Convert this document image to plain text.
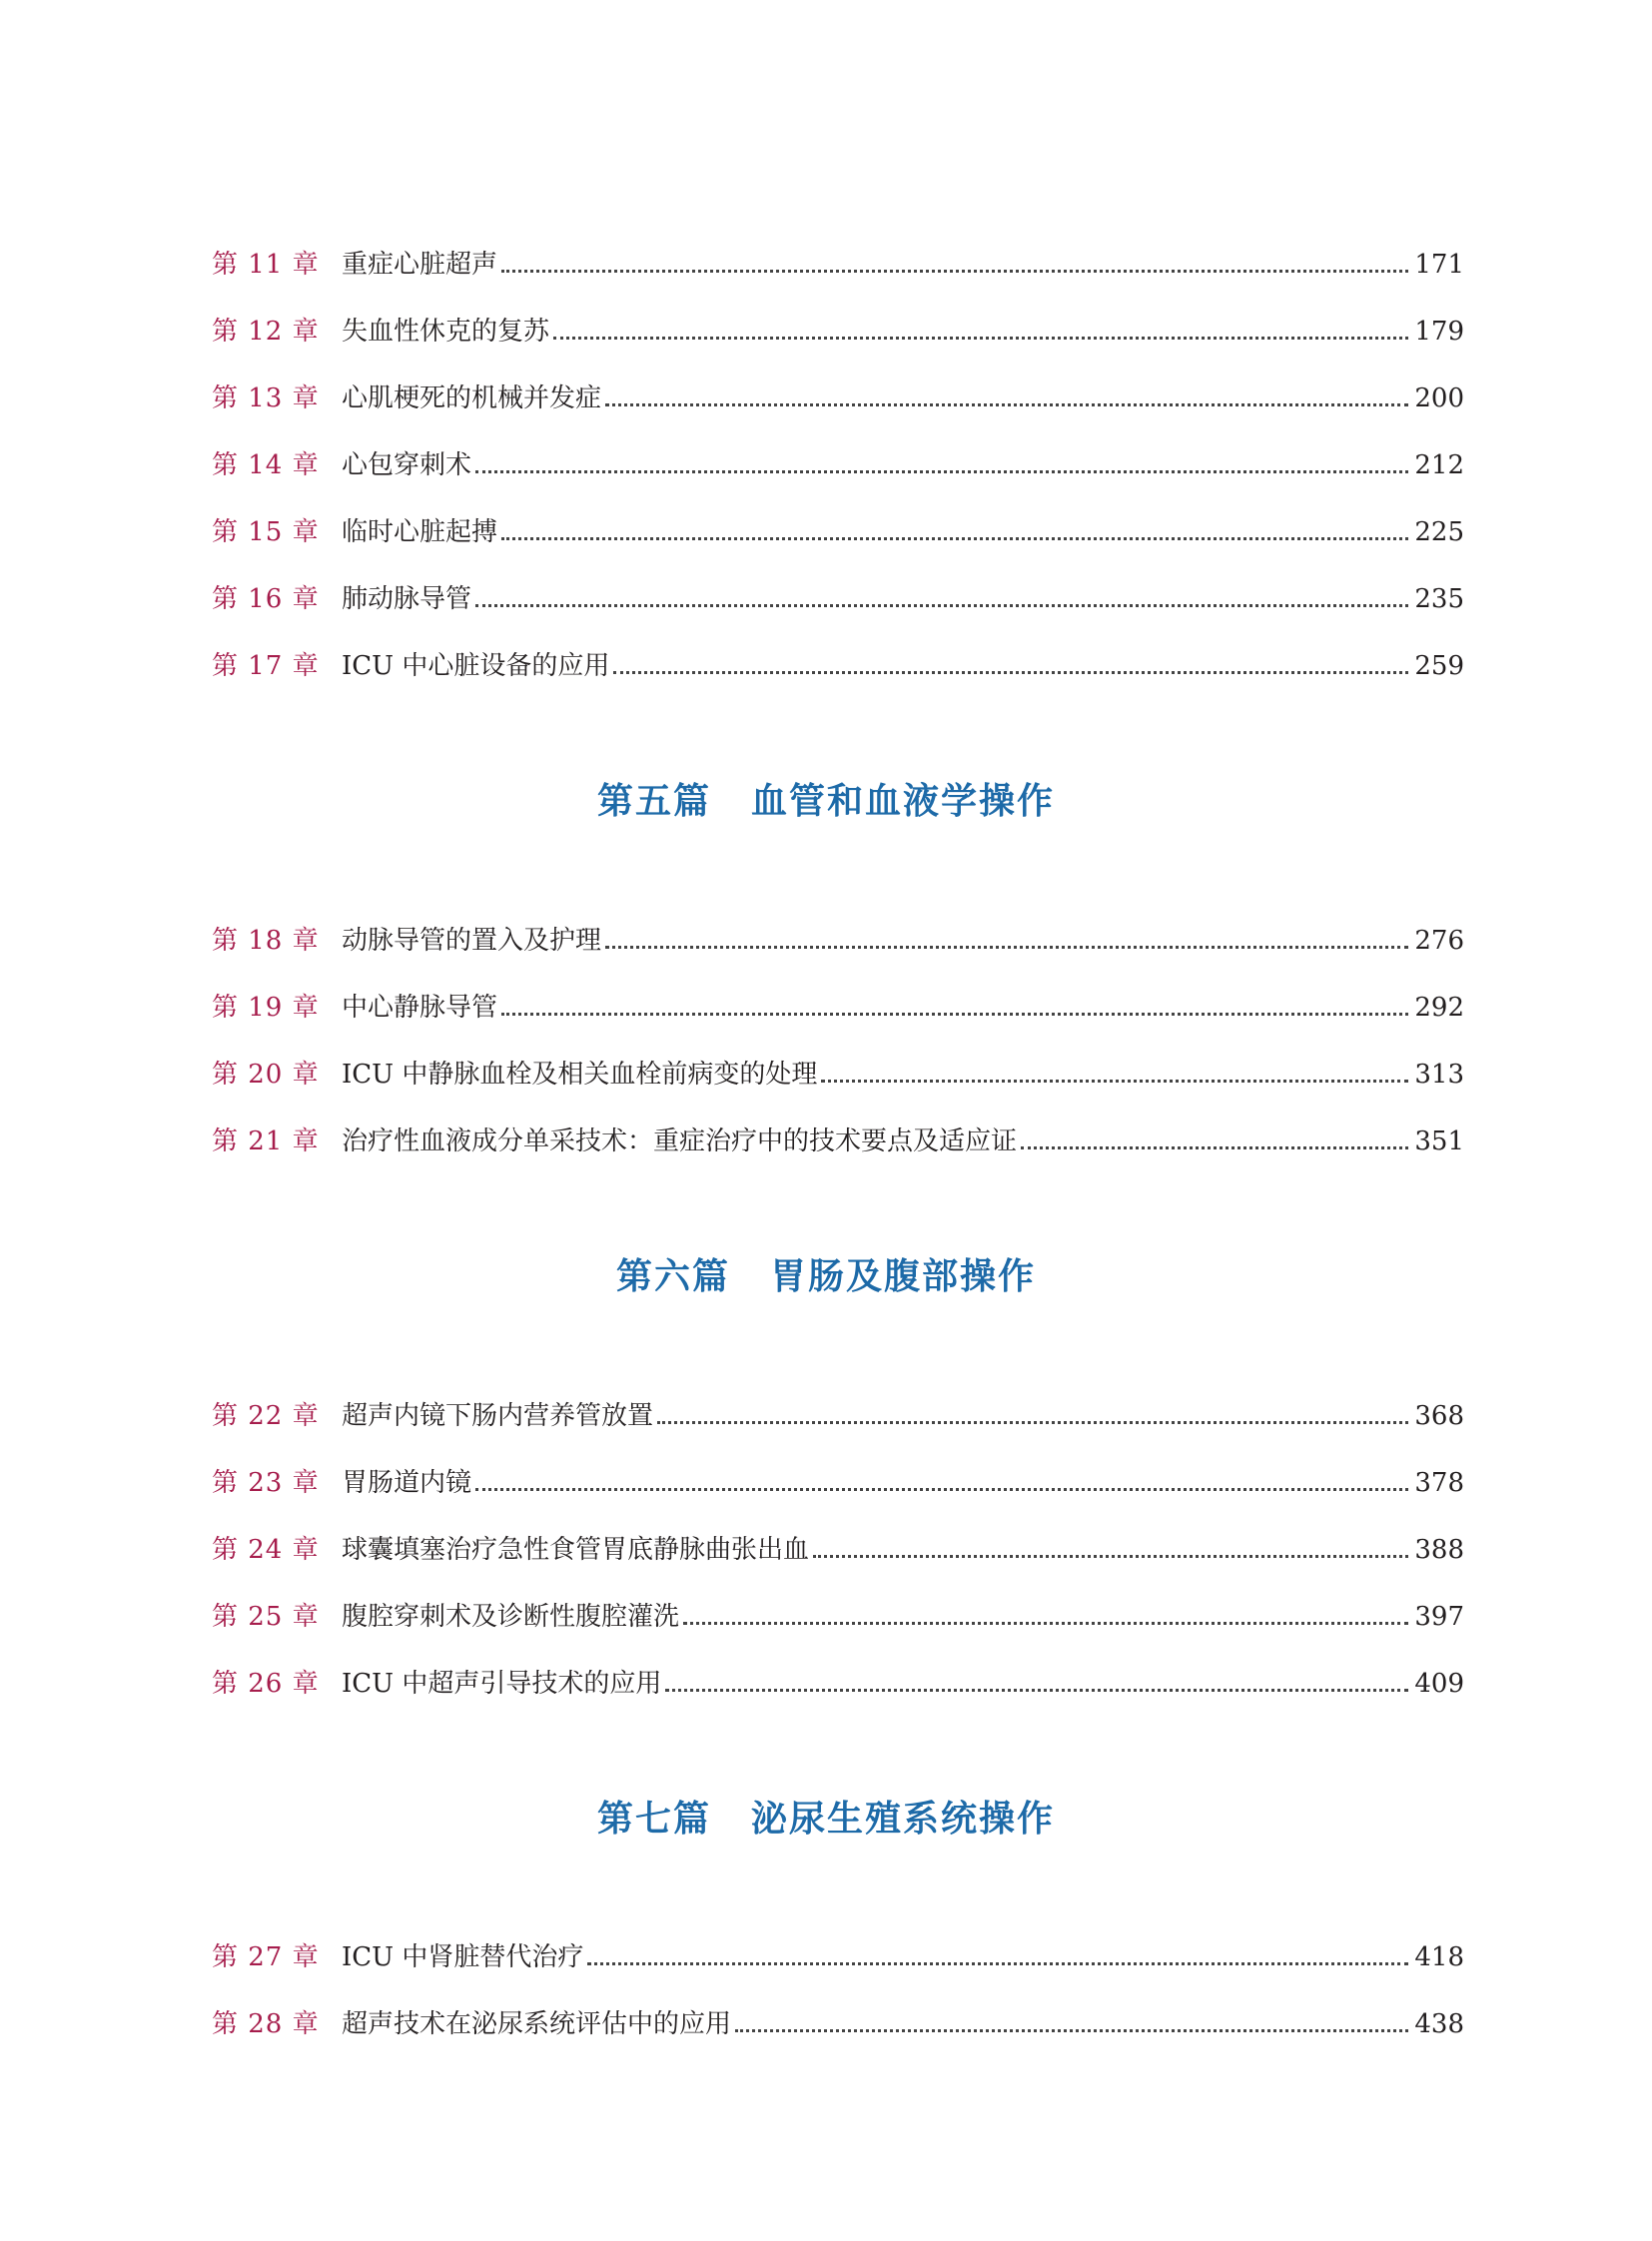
第 11 章 重症心脏超声	171
第 12 章 失血性休克的复苏	179
第 13 章 心肌梗死的机械并发症	200
第 14 章 心包穿刺术	212
第 15 章 临时心脏起搏	225
第 16 章 肺动脉导管	235
第 17 章 ICU 中心脏设备的应用	259
第五篇 血管和血液学操作
第 18 章 动脉导管的置入及护理	276
第 19 章 中心静脉导管	292
第 20 章 ICU 中静脉血栓及相关血栓前病变的处理	313
第 21 章 治疗性血液成分单采技术：重症治疗中的技术要点及适应证	351
第六篇 胃肠及腹部操作
第 22 章 超声内镜下肠内营养管放置	368
第 23 章 胃肠道内镜	378
第 24 章 球囊填塞治疗急性食管胃底静脉曲张出血	388
第 25 章 腹腔穿刺术及诊断性腹腔灌洗	397
第 26 章 ICU 中超声引导技术的应用	409
第七篇 泌尿生殖系统操作
第 27 章 ICU 中肾脏替代治疗	418
第 28 章 超声技术在泌尿系统评估中的应用	438
